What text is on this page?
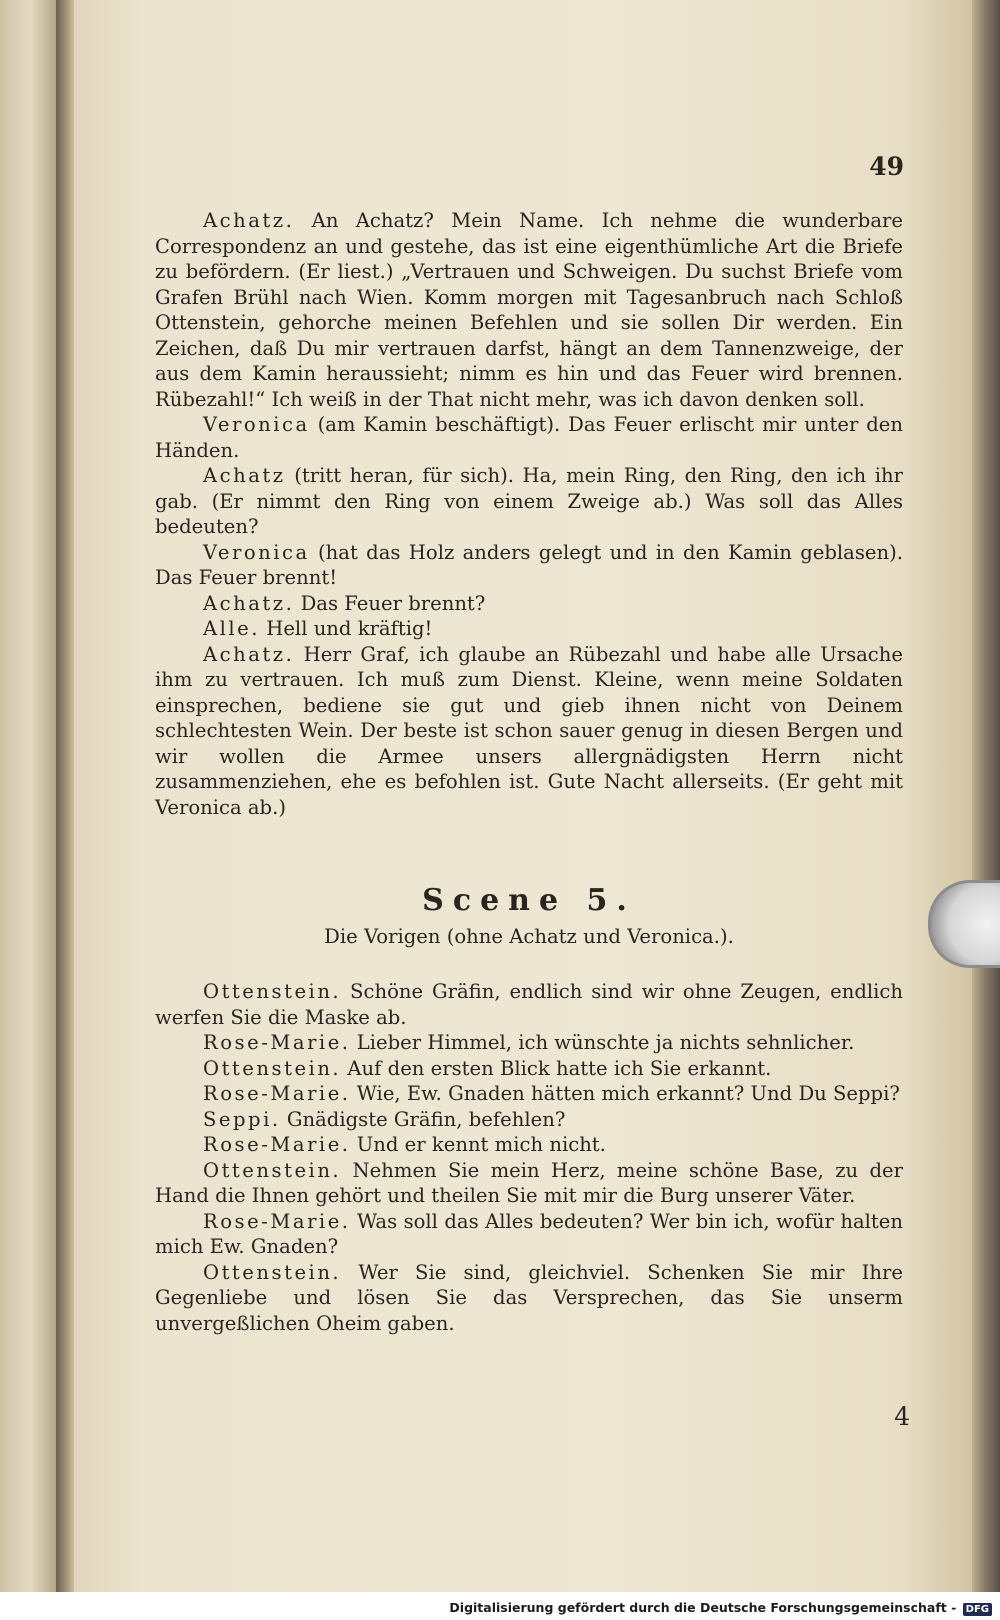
49

Achatz. An Achatz? Mein Name. Ich nehme die wunderbare Correspondenz an und gestehe, das ist eine eigenthümliche Art die Briefe zu befördern. (Er liest.) „Vertrauen und Schweigen. Du suchst Briefe vom Grafen Brühl nach Wien. Komm morgen mit Tagesanbruch nach Schloß Ottenstein, gehorche meinen Befehlen und sie sollen Dir werden. Ein Zeichen, daß Du mir vertrauen darfst, hängt an dem Tannenzweige, der aus dem Kamin heraussieht; nimm es hin und das Feuer wird brennen. Rübezahl!“ Ich weiß in der That nicht mehr, was ich davon denken soll.

Veronica (am Kamin beschäftigt). Das Feuer erlischt mir unter den Händen.

Achatz (tritt heran, für sich). Ha, mein Ring, den Ring, den ich ihr gab. (Er nimmt den Ring von einem Zweige ab.) Was soll das Alles bedeuten?

Veronica (hat das Holz anders gelegt und in den Kamin geblasen). Das Feuer brennt!

Achatz. Das Feuer brennt?

Alle. Hell und kräftig!

Achatz. Herr Graf, ich glaube an Rübezahl und habe alle Ursache ihm zu vertrauen. Ich muß zum Dienst. Kleine, wenn meine Soldaten einsprechen, bediene sie gut und gieb ihnen nicht von Deinem schlechtesten Wein. Der beste ist schon sauer genug in diesen Bergen und wir wollen die Armee unsers allergnädigsten Herrn nicht zusammenziehen, ehe es befohlen ist. Gute Nacht allerseits. (Er geht mit Veronica ab.)

Scene 5.
Die Vorigen (ohne Achatz und Veronica.).

Ottenstein. Schöne Gräfin, endlich sind wir ohne Zeugen, endlich werfen Sie die Maske ab.

Rose-Marie. Lieber Himmel, ich wünschte ja nichts sehnlicher.

Ottenstein. Auf den ersten Blick hatte ich Sie erkannt.

Rose-Marie. Wie, Ew. Gnaden hätten mich erkannt? Und Du Seppi?

Seppi. Gnädigste Gräfin, befehlen?

Rose-Marie. Und er kennt mich nicht.

Ottenstein. Nehmen Sie mein Herz, meine schöne Base, zu der Hand die Ihnen gehört und theilen Sie mit mir die Burg unserer Väter.

Rose-Marie. Was soll das Alles bedeuten? Wer bin ich, wofür halten mich Ew. Gnaden?

Ottenstein. Wer Sie sind, gleichviel. Schenken Sie mir Ihre Gegenliebe und lösen Sie das Versprechen, das Sie unserm unvergeßlichen Oheim gaben.

4
Digitalisierung gefördert durch die Deutsche Forschungsgemeinschaft - DFG
